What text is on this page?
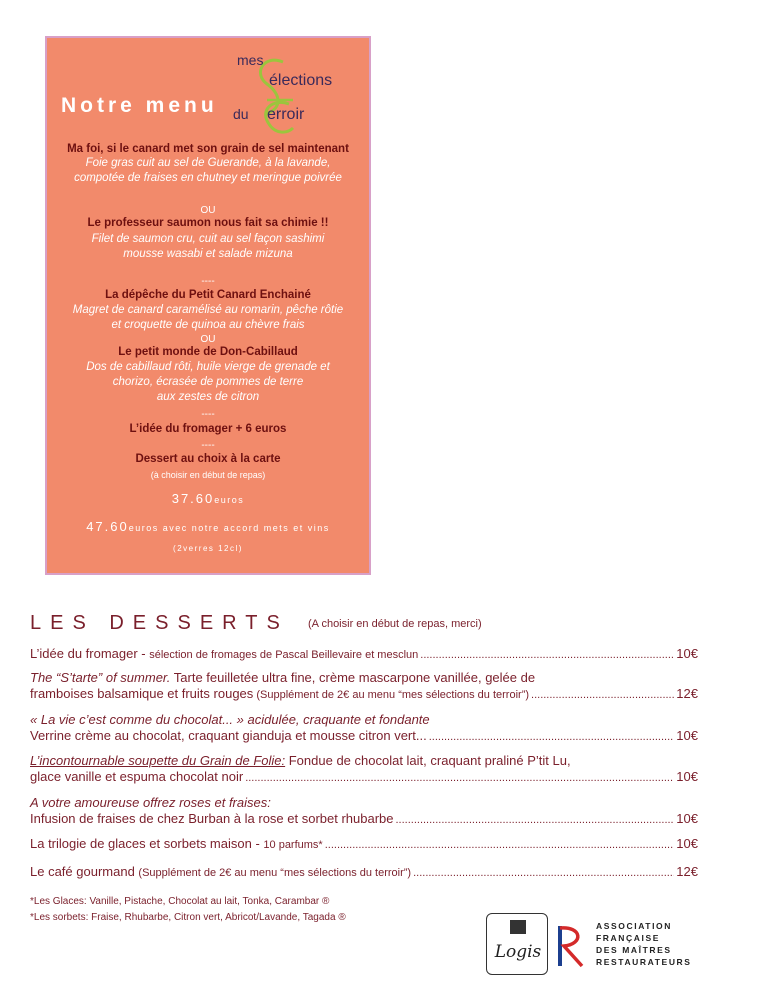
mes
élections
du erroir
Notre menu
Ma foi, si le canard met son grain de sel maintenant
Foie gras cuit au sel de Guerande, à la lavande,
compotée de fraises en chutney et meringue poivrée
OU
Le professeur saumon nous fait sa chimie !!
Filet de saumon cru, cuit au sel façon sashimi
mousse wasabi et salade mizuna
----
La dépêche du Petit Canard Enchainé
Magret de canard caramélisé au romarin, pêche rôtie
et croquette de quinoa au chèvre frais
OU
Le petit monde de Don-Cabillaud
Dos de cabillaud rôti, huile vierge de grenade et
chorizo, écrasée de pommes de terre
aux zestes de citron
----
L’idée du fromager + 6 euros
----
Dessert au choix à la carte
(à choisir en début de repas)
37.60euros
47.60euros avec notre accord mets et vins
(2verres 12cl)
LES DESSERTS (A choisir en début de repas, merci)
L’idée du fromager - sélection de fromages de Pascal Beillevaire et mesclun .....	10€
The “S’tarte” of summer. Tarte feuilletée ultra fine, crème mascarpone vanillée, gelée de
framboises balsamique et fruits rouges (Supplément de 2€ au menu “mes sélections du terroir”) .....	12€
« La vie c’est comme du chocolat... » acidulée, craquante et fondante
Verrine crème au chocolat, craquant gianduja et mousse citron vert... .....	10€
L’incontournable soupette du Grain de Folie: Fondue de chocolat lait, craquant praliné P’tit Lu,
glace vanille et espuma chocolat noir .....	10€
A votre amoureuse offrez roses et fraises:
Infusion de fraises de chez Burban à la rose et sorbet rhubarbe .....	10€
La trilogie de glaces et sorbets maison - 10 parfums* .....	10€
Le café gourmand (Supplément de 2€ au menu “mes sélections du terroir”) .....	12€
*Les Glaces: Vanille, Pistache, Chocolat au lait, Tonka, Carambar ®
*Les sorbets: Fraise, Rhubarbe, Citron vert, Abricot/Lavande, Tagada ®
Logis
ASSOCIATION
FRANÇAISE
DES MAÎTRES
RESTAURATEURS
